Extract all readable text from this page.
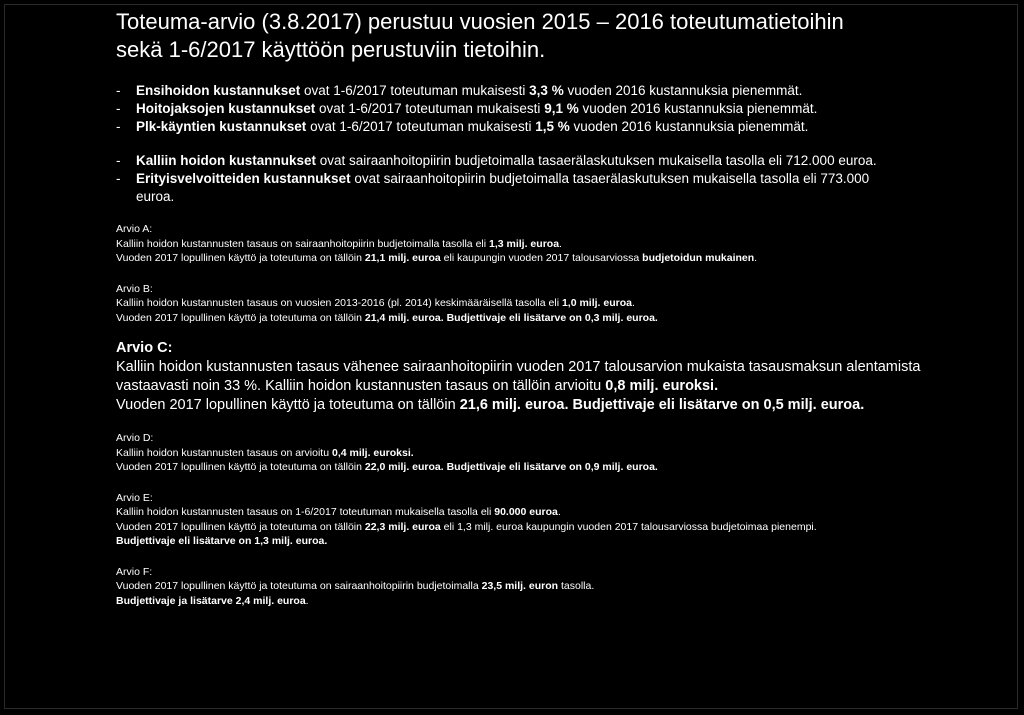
Toteuma-arvio (3.8.2017) perustuu vuosien 2015 – 2016 toteutumatietoihin
sekä 1-6/2017 käyttöön perustuviin tietoihin.
- Ensihoidon kustannukset ovat 1-6/2017 toteutuman mukaisesti 3,3 % vuoden 2016 kustannuksia pienemmät.
- Hoitojaksojen kustannukset ovat 1-6/2017 toteutuman mukaisesti 9,1 % vuoden 2016 kustannuksia pienemmät.
- Plk-käyntien kustannukset ovat 1-6/2017 toteutuman mukaisesti 1,5 % vuoden 2016 kustannuksia pienemmät.
- Kalliin hoidon kustannukset ovat sairaanhoitopiirin budjetoimalla tasaerälaskutuksen mukaisella tasolla eli 712.000 euroa.
- Erityisvelvoitteiden kustannukset ovat sairaanhoitopiirin budjetoimalla tasaerälaskutuksen mukaisella tasolla eli 773.000
euroa.
Arvio A:
Kalliin hoidon kustannusten tasaus on sairaanhoitopiirin budjetoimalla tasolla eli 1,3 milj. euroa.
Vuoden 2017 lopullinen käyttö ja toteutuma on tällöin 21,1 milj. euroa eli kaupungin vuoden 2017 talousarviossa budjetoidun mukainen.
Arvio B:
Kalliin hoidon kustannusten tasaus on vuosien 2013-2016 (pl. 2014) keskimääräisellä tasolla eli 1,0 milj. euroa.
Vuoden 2017 lopullinen käyttö ja toteutuma on tällöin 21,4 milj. euroa. Budjettivaje eli lisätarve on 0,3 milj. euroa.
Arvio C:
Kalliin hoidon kustannusten tasaus vähenee sairaanhoitopiirin vuoden 2017 talousarvion mukaista tasausmaksun alentamista
vastaavasti noin 33 %. Kalliin hoidon kustannusten tasaus on tällöin arvioitu 0,8 milj. euroksi.
Vuoden 2017 lopullinen käyttö ja toteutuma on tällöin 21,6 milj. euroa. Budjettivaje eli lisätarve on 0,5 milj. euroa.
Arvio D:
Kalliin hoidon kustannusten tasaus on arvioitu 0,4 milj. euroksi.
Vuoden 2017 lopullinen käyttö ja toteutuma on tällöin 22,0 milj. euroa. Budjettivaje eli lisätarve on 0,9 milj. euroa.
Arvio E:
Kalliin hoidon kustannusten tasaus on 1-6/2017 toteutuman mukaisella tasolla eli 90.000 euroa.
Vuoden 2017 lopullinen käyttö ja toteutuma on tällöin 22,3 milj. euroa eli 1,3 milj. euroa kaupungin vuoden 2017 talousarviossa budjetoimaa pienempi.
Budjettivaje eli lisätarve on 1,3 milj. euroa.
Arvio F:
Vuoden 2017 lopullinen käyttö ja toteutuma on sairaanhoitopiirin budjetoimalla 23,5 milj. euron tasolla.
Budjettivaje ja lisätarve 2,4 milj. euroa.
